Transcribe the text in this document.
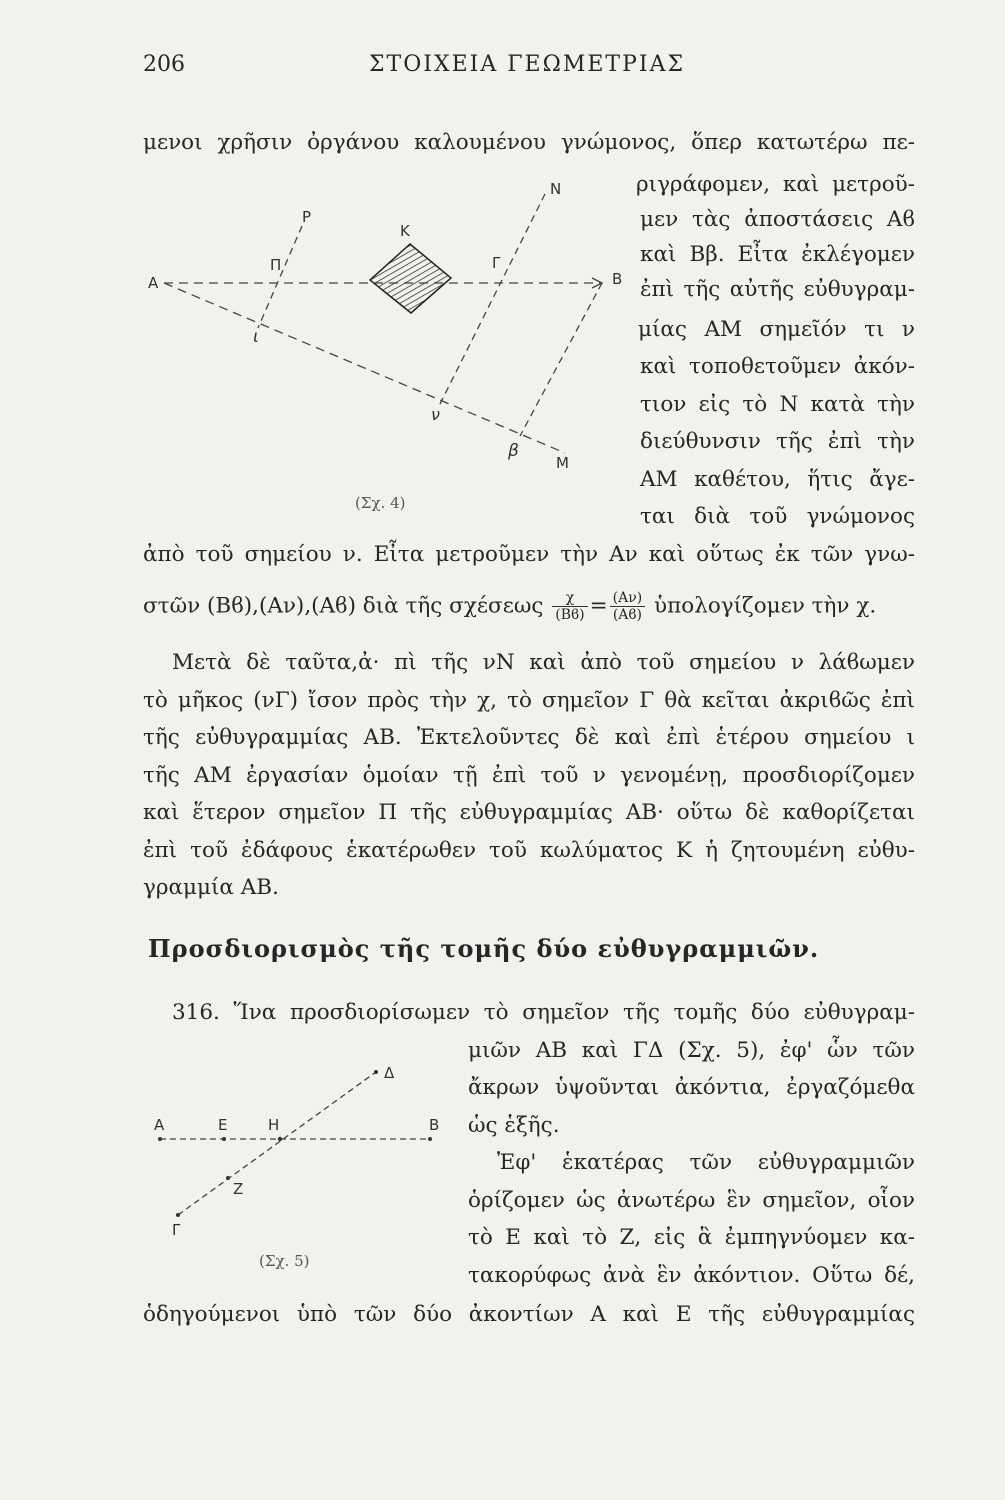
206	ΣΤΟΙΧΕΙΑ ΓΕΩΜΕΤΡΙΑΣ
Α
P
K
N
Π	Γ
B
ι
ν
β
M
(Σχ. 4)
μενοι χρῆσιν ὀργάνου καλουμένου γνώμονος, ὅπερ κατωτέρω πε-
ριγράφομεν, καὶ μετροῦ-
μεν τὰς ἀποστάσεις Αϐ
καὶ Ββ. Εἶτα ἐκλέγομεν
ἐπὶ τῆς αὐτῆς εὐθυγραμ-
μίας ΑΜ σημεῖόν τι ν
καὶ τοποθετοῦμεν ἀκόν-
τιον εἰς τὸ Ν κατὰ τὴν
διεύθυνσιν τῆς ἐπὶ τὴν
ΑΜ καθέτου, ἥτις ἄγε-
ται διὰ τοῦ γνώμονος
ἀπὸ τοῦ σημείου ν. Εἶτα μετροῦμεν τὴν Αν καὶ οὕτως ἐκ τῶν γνω-
στῶν (Βϐ),(Αν),(Αϐ) διὰ τῆς σχέσεως $\frac{\chi}{(Bϐ)} = \frac{(A\nu)}{(Aϐ)}$ ὑπολογίζομεν τὴν χ.
Μετὰ δὲ ταῦτα,ἀ· πὶ τῆς νΝ καὶ ἀπὸ τοῦ σημείου ν λάϐωμεν
τὸ μῆκος (νΓ) ἴσον πρὸς τὴν χ, τὸ σημεῖον Γ θὰ κεῖται ἀκριϐῶς ἐπὶ
τῆς εὐθυγραμμίας ΑΒ. Ἐκτελοῦντες δὲ καὶ ἐπὶ ἑτέρου σημείου ι
τῆς ΑΜ ἐργασίαν ὁμοίαν τῇ ἐπὶ τοῦ ν γενομένῃ, προσδιορίζομεν
καὶ ἕτερον σημεῖον Π τῆς εὐθυγραμμίας ΑΒ· οὕτω δὲ καθορίζεται
ἐπὶ τοῦ ἐδάφους ἑκατέρωθεν τοῦ κωλύματος Κ ἡ ζητουμένη εὐθυ-
γραμμία ΑΒ.
Προσδιορισμὸς τῆς τομῆς δύο εὐθυγραμμιῶν.
316. Ἵνα προσδιορίσωμεν τὸ σημεῖον τῆς τομῆς δύο εὐθυγραμ-
μιῶν ΑΒ καὶ ΓΔ (Σχ. 5), ἐφ' ὧν τῶν
ἄκρων ὑψοῦνται ἀκόντια, ἐργαζόμεθα
ὡς ἑξῆς.
A	E	H	B
Δ
Z
Γ
(Σχ. 5)
Ἐφ' ἑκατέρας τῶν εὐθυγραμμιῶν
ὁρίζομεν ὡς ἀνωτέρω ἓν σημεῖον, οἷον
τὸ Ε καὶ τὸ Ζ, εἰς ἃ ἐμπηγνύομεν κα-
τακορύφως ἀνὰ ἓν ἀκόντιον. Οὕτω δέ,
ὁδηγούμενοι ὑπὸ τῶν δύο ἀκοντίων Α καὶ Ε τῆς εὐθυγραμμίας
